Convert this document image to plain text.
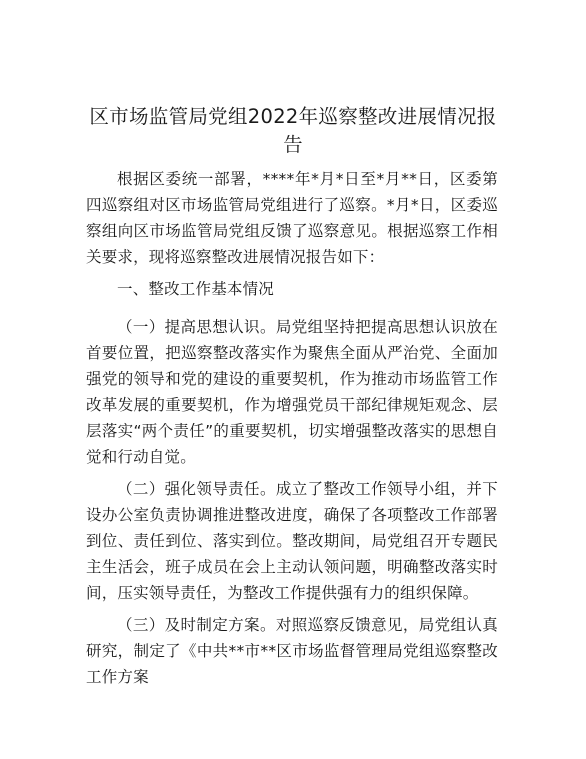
区市场监管局党组2022年巡察整改进展情况报告

根据区委统一部署，****年*月*日至*月**日，区委第四巡察组对区市场监管局党组进行了巡察。*月*日，区委巡察组向区市场监管局党组反馈了巡察意见。根据巡察工作相关要求，现将巡察整改进展情况报告如下：

一、整改工作基本情况

（一）提高思想认识。局党组坚持把提高思想认识放在首要位置，把巡察整改落实作为聚焦全面从严治党、全面加强党的领导和党的建设的重要契机，作为推动市场监管工作改革发展的重要契机，作为增强党员干部纪律规矩观念、层层落实“两个责任”的重要契机，切实增强整改落实的思想自觉和行动自觉。

（二）强化领导责任。成立了整改工作领导小组，并下设办公室负责协调推进整改进度，确保了各项整改工作部署到位、责任到位、落实到位。整改期间，局党组召开专题民主生活会，班子成员在会上主动认领问题，明确整改落实时间，压实领导责任，为整改工作提供强有力的组织保障。

（三）及时制定方案。对照巡察反馈意见，局党组认真研究，制定了《中共**市**区市场监督管理局党组巡察整改工作方案
